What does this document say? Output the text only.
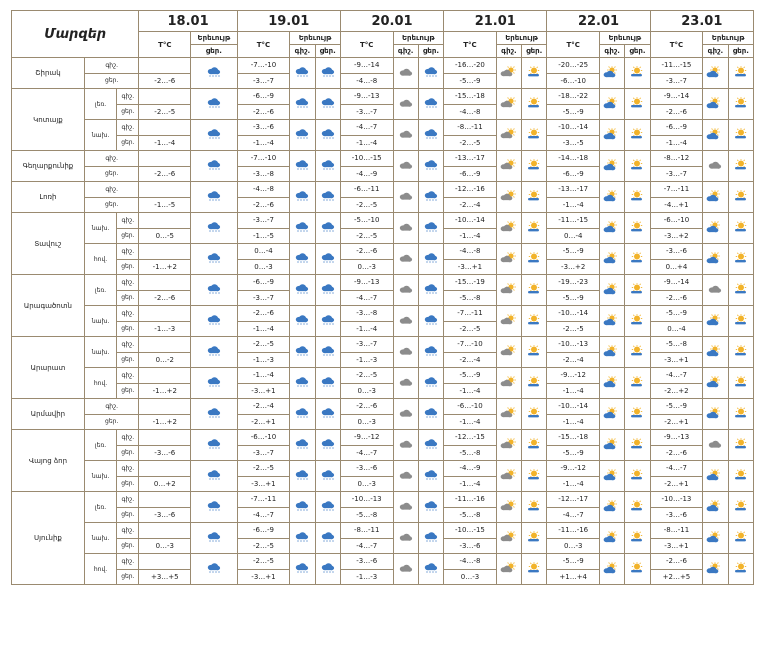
Մարզեր			18.01		19.01			20.01			21.01			22.01			23.01		
			T°C	Երեւույթ	T°C	Երեւույթ		T°C	Երեւույթ		T°C	Երեւույթ		T°C	Երեւույթ		T°C	Երեւույթ	
				ցեր.		գիշ.	ցեր.		գիշ.	ցեր.		գիշ.	ցեր.		գիշ.	ցեր.		գիշ.	ցեր.
Շիրակ	գիշ.			* * * *	-7…-10	* * * *	* * * *	-9…-14		* * * *	-16…-20			-20…-25			-11…-15		
	ցեր.		-2…-6		-3…-7			-4…-8			-5…-9			-6…-10			-3…-7		
Կոտայք	լեռ.	գիշ.		* * * *	-6…-9	* * * *	* * * *	-9…-13		* * * *	-15…-18			-18…-22			-9…-14		
		ցեր.	-2…-5		-2…-6			-3…-7			-4…-8			-5…-9			-2…-6		
	նախ.	գիշ.		* * * *	-3…-6	* * * *	* * * *	-4…-7		* * * *	-8…-11			-10…-14			-6…-9		
		ցեր.	-1…-4		-1…-4			-1…-4			-2…-5			-3…-5			-1…-4		
Գեղարքունիք	գիշ.			* * * *	-7…-10	* * * *	* * * *	-10…-15		* * * *	-13…-17			-14…-18			-8…-12		
	ցեր.		-2…-6		-3…-8			-4…-9			-6…-9			-6…-9			-3…-7		
Լոռի	գիշ.			* * * *	-4…-8	* * * *	* * * *	-6…-11		* * * *	-12…-16			-13…-17			-7…-11		
	ցեր.		-1…-5		-2…-6			-2…-5			-2…-4			-1…-4			-4…+1		
Տավուշ	նախ.	գիշ.		* * * *	-3…-7	* * * *	* * * *	-5…-10		* * * *	-10…-14			-11…-15			-6…-10		
		ցեր.	0…-5		-1…-5			-2…-5			-1…-4			0…-4			-3…+2		
	հով.	գիշ.		* * * *	0…-4	* * * *	* * * *	-2…-6		* * * *	-4…-8			-5…-9			-3…-6		
		ցեր.	-1…+2		0…-3			0…-3			-3…+1			-3…+2			0…+4		
Արագածոտն	լեռ.	գիշ.		* * * *	-6…-9	* * * *	* * * *	-9…-13		* * * *	-15…-19			-19…-23			-9…-14		
		ցեր.	-2…-6		-3…-7			-4…-7			-5…-8			-5…-9			-2…-6		
	նախ.	գիշ.		* * * *	-2…-6	* * * *	* * * *	-3…-8		* * * *	-7…-11			-10…-14			-5…-9		
		ցեր.	-1…-3		-1…-4			-1…-4			-2…-5			-2…-5			0…-4		
Արարատ	նախ.	գիշ.		* * * *	-2…-5	* * * *	* * * *	-3…-7		* * * *	-7…-10			-10…-13			-5…-8		
		ցեր.	0…-2		-1…-3			-1…-3			-2…-4			-2…-4			-3…+1		
	հով.	գիշ.		* * * *	-1…-4	* * * *	* * * *	-2…-5		* * * *	-5…-9			-9…-12			-4…-7		
		ցեր.	-1…+2		-3…+1			0…-3			-1…-4			-1…-4			-2…+2		
Արմավիր	գիշ.			* * * *	-2…-4	* * * *	* * * *	-2…-6		* * * *	-6…-10			-10…-14			-5…-9		
	ցեր.		-1…+2		-2…+1			0…-3			-1…-4			-1…-4			-2…+1		
Վայոց ձոր	լեռ.	գիշ.		* * * *	-6…-10	* * * *	* * * *	-9…-12		* * * *	-12…-15			-15…-18			-9…-13		
		ցեր.	-3…-6		-3…-7			-4…-7			-5…-8			-5…-9			-2…-6		
	նախ.	գիշ.		* * * *	-2…-5	* * * *	* * * *	-3…-6		* * * *	-4…-9			-9…-12			-4…-7		
		ցեր.	0…+2		-3…+1			0…-3			-1…-4			-1…-4			-2…+1		
Սյունիք	լեռ.	գիշ.		* * * *	-7…-11	* * * *	* * * *	-10…-13		* * * *	-11…-16			-12…-17			-10…-13		
		ցեր.	-3…-6		-4…-7			-5…-8			-5…-8			-4…-7			-3…-6		
	նախ.	գիշ.		* * * *	-6…-9	* * * *	* * * *	-8…-11		* * * *	-10…-15			-11…-16			-8…-11		
		ցեր.	0…-3		-2…-5			-4…-7			-3…-6			0…-3			-3…+1		
	հով.	գիշ.		* * * *	-2…-5	* * * *	* * * *	-3…-6		* * * *	-4…-8			-5…-9			-2…-6		
		ցեր.	+3…+5		-3…+1			-1…-3			0…-3			+1…+4			+2…+5		
